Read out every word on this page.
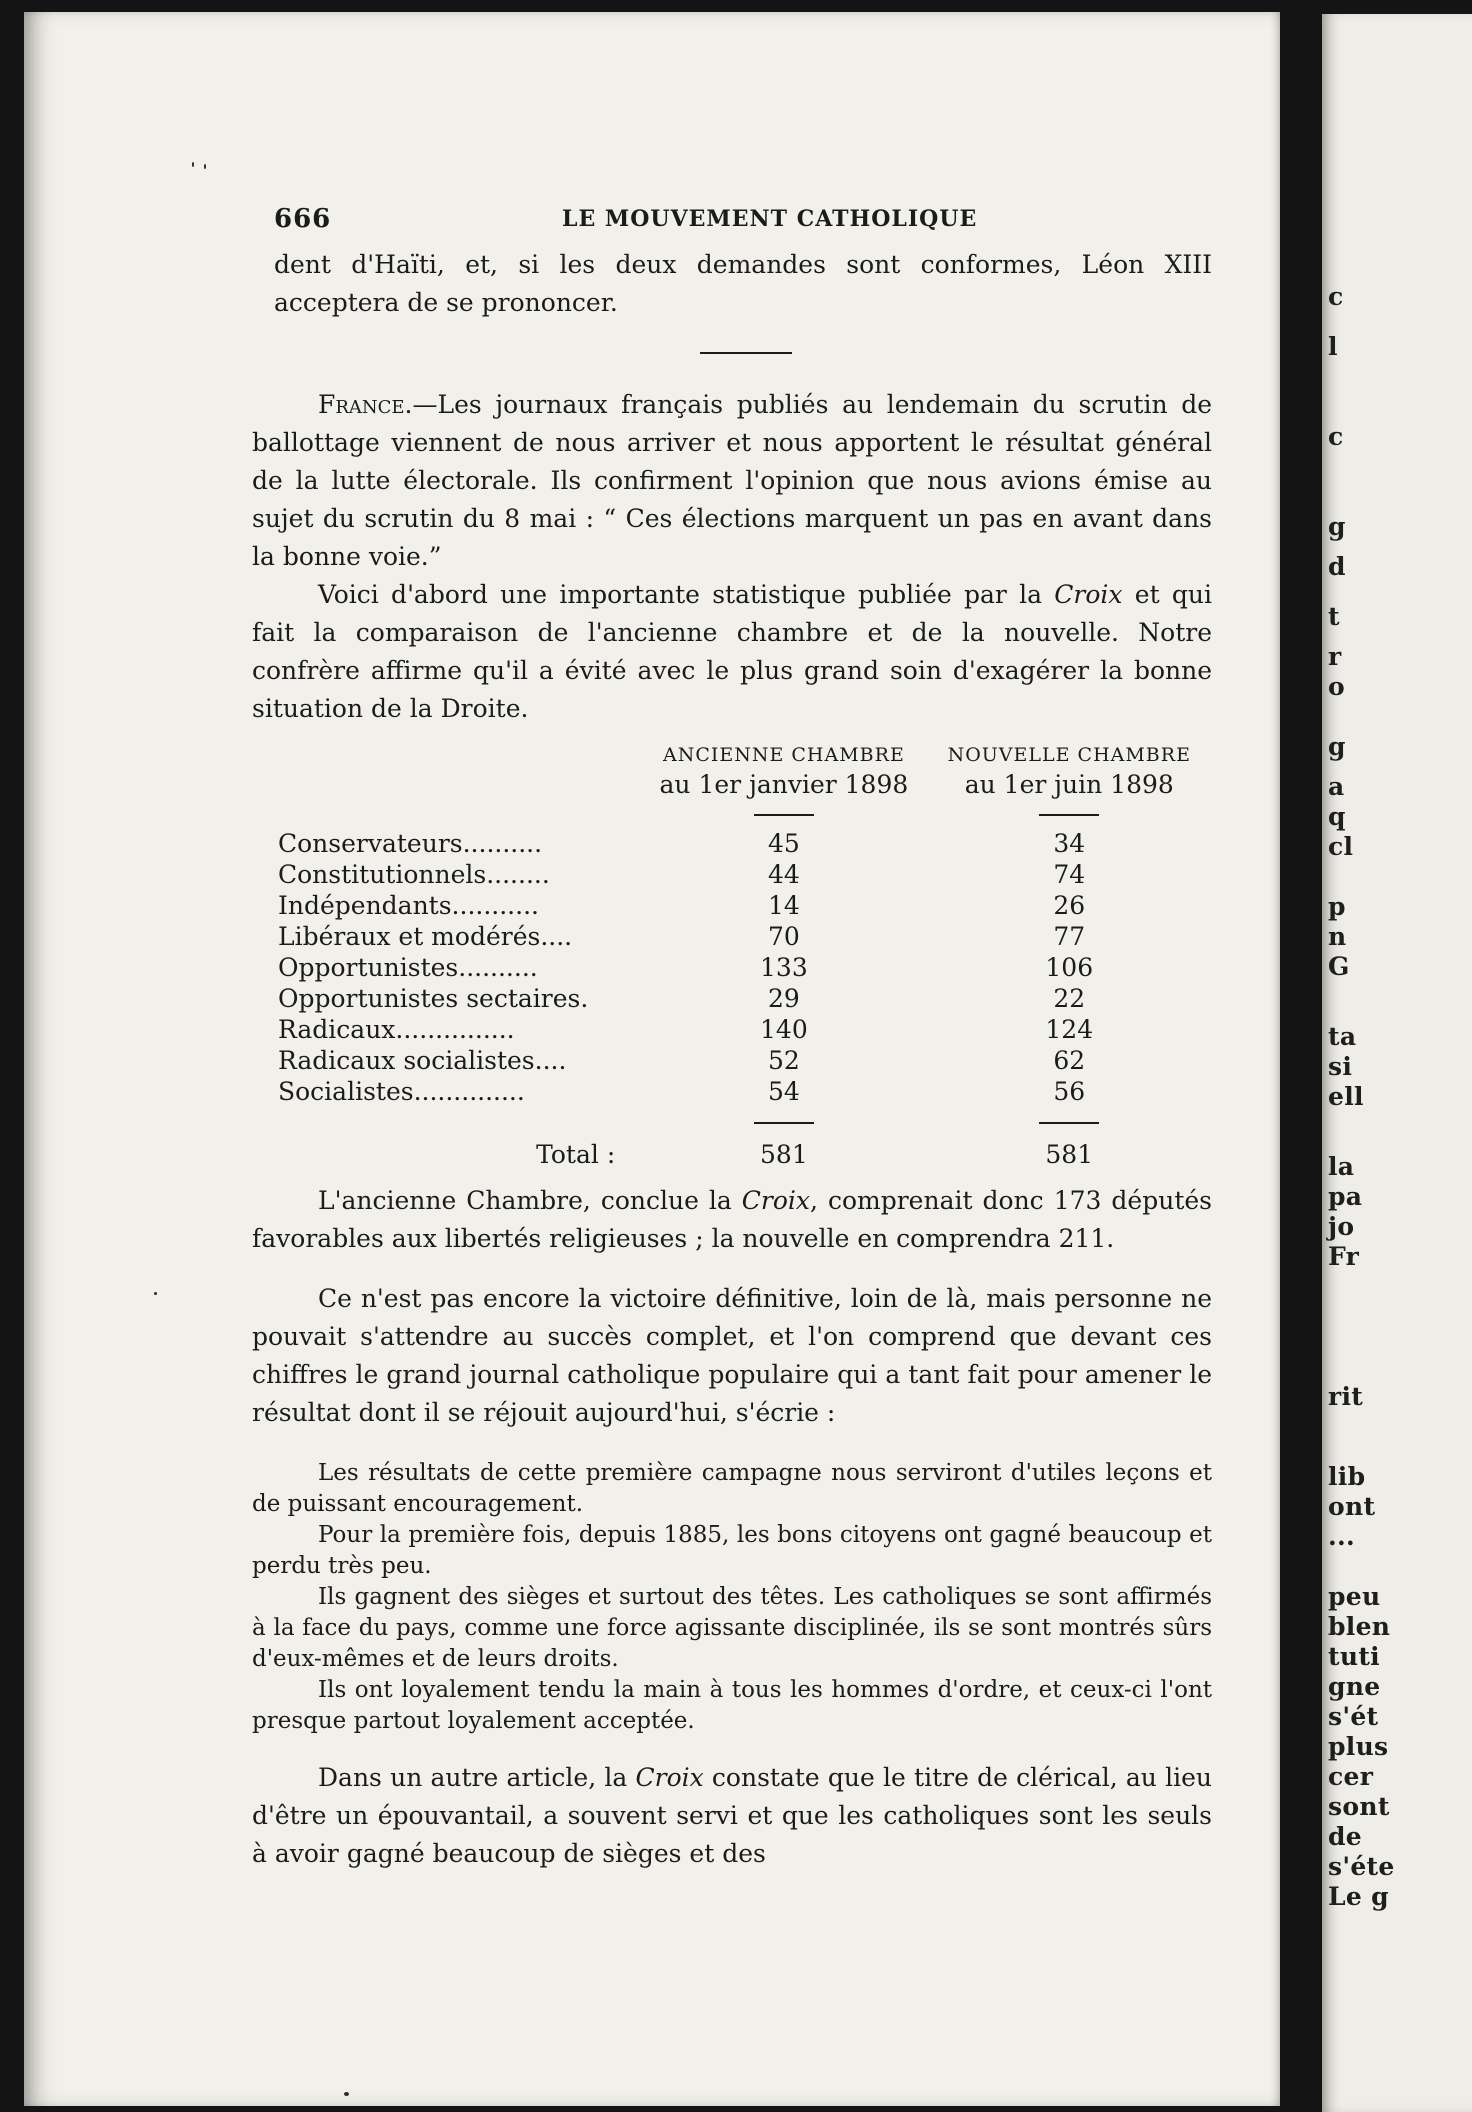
666	LE MOUVEMENT CATHOLIQUE

dent d'Haïti, et, si les deux demandes sont conformes, Léon XIII acceptera de se prononcer.

France.—Les journaux français publiés au lendemain du scrutin de ballottage viennent de nous arriver et nous apportent le résultat général de la lutte électorale. Ils confirment l'opinion que nous avions émise au sujet du scrutin du 8 mai : “ Ces élections marquent un pas en avant dans la bonne voie.”

Voici d'abord une importante statistique publiée par la Croix et qui fait la comparaison de l'ancienne chambre et de la nouvelle. Notre confrère affirme qu'il a évité avec le plus grand soin d'exagérer la bonne situation de la Droite.

	ANCIENNE CHAMBRE	NOUVELLE CHAMBRE
	au 1er janvier 1898	au 1er juin 1898

Conservateurs..........	45	34
Constitutionnels........	44	74
Indépendants...........	14	26
Libéraux et modérés....	70	77
Opportunistes..........	133	106
Opportunistes sectaires.	29	22
Radicaux...............	140	124
Radicaux socialistes....	52	62
Socialistes..............	54	56

Total :	581	581

L'ancienne Chambre, conclue la Croix, comprenait donc 173 députés favorables aux libertés religieuses ; la nouvelle en comprendra 211.

Ce n'est pas encore la victoire définitive, loin de là, mais personne ne pouvait s'attendre au succès complet, et l'on comprend que devant ces chiffres le grand journal catholique populaire qui a tant fait pour amener le résultat dont il se réjouit aujourd'hui, s'écrie :

Les résultats de cette première campagne nous serviront d'utiles leçons et de puissant encouragement.

Pour la première fois, depuis 1885, les bons citoyens ont gagné beaucoup et perdu très peu.

Ils gagnent des sièges et surtout des têtes. Les catholiques se sont affirmés à la face du pays, comme une force agissante disciplinée, ils se sont montrés sûrs d'eux-mêmes et de leurs droits.

Ils ont loyalement tendu la main à tous les hommes d'ordre, et ceux-ci l'ont presque partout loyalement acceptée.

Dans un autre article, la Croix constate que le titre de clérical, au lieu d'être un épouvantail, a souvent servi et que les catholiques sont les seuls à avoir gagné beaucoup de sièges et des

c
l
c
g
d
t
r
o
g
a
q
cl
p
n
G
ta
si
ell
la
pa
jo
Fr
rit
lib
ont
...
peu
blen
tuti
gne
s'ét
plus
cer
sont
de
s'éte
Le g
